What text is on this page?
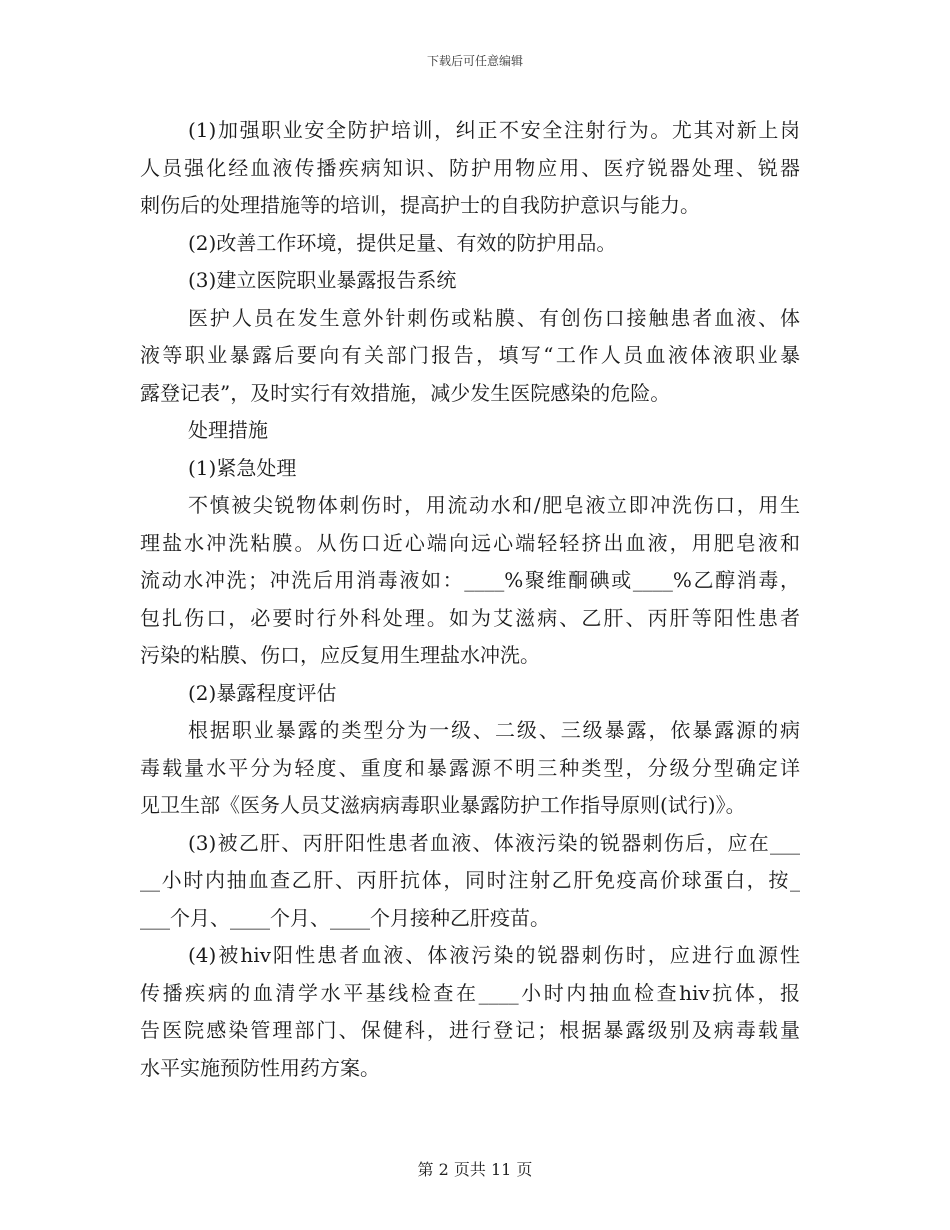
下载后可任意编辑
(1)加强职业安全防护培训，纠正不安全注射行为。尤其对新上岗
人员强化经血液传播疾病知识、防护用物应用、医疗锐器处理、锐器
刺伤后的处理措施等的培训，提高护士的自我防护意识与能力。
(2)改善工作环境，提供足量、有效的防护用品。
(3)建立医院职业暴露报告系统
医护人员在发生意外针刺伤或粘膜、有创伤口接触患者血液、体
液等职业暴露后要向有关部门报告，填写“工作人员血液体液职业暴
露登记表”，及时实行有效措施，减少发生医院感染的危险。
处理措施
(1)紧急处理
不慎被尖锐物体刺伤时，用流动水和/肥皂液立即冲洗伤口，用生
理盐水冲洗粘膜。从伤口近心端向远心端轻轻挤出血液，用肥皂液和
流动水冲洗；冲洗后用消毒液如：____%聚维酮碘或____%乙醇消毒，
包扎伤口，必要时行外科处理。如为艾滋病、乙肝、丙肝等阳性患者
污染的粘膜、伤口，应反复用生理盐水冲洗。
(2)暴露程度评估
根据职业暴露的类型分为一级、二级、三级暴露，依暴露源的病
毒载量水平分为轻度、重度和暴露源不明三种类型，分级分型确定详
见卫生部《医务人员艾滋病病毒职业暴露防护工作指导原则(试行)》。
(3)被乙肝、丙肝阳性患者血液、体液污染的锐器刺伤后，应在___
__小时内抽血查乙肝、丙肝抗体，同时注射乙肝免疫高价球蛋白，按_
___个月、____个月、____个月接种乙肝疫苗。
(4)被hiv阳性患者血液、体液污染的锐器刺伤时，应进行血源性
传播疾病的血清学水平基线检查在____小时内抽血检查hiv抗体，报
告医院感染管理部门、保健科，进行登记；根据暴露级别及病毒载量
水平实施预防性用药方案。
第 2 页共 11 页
